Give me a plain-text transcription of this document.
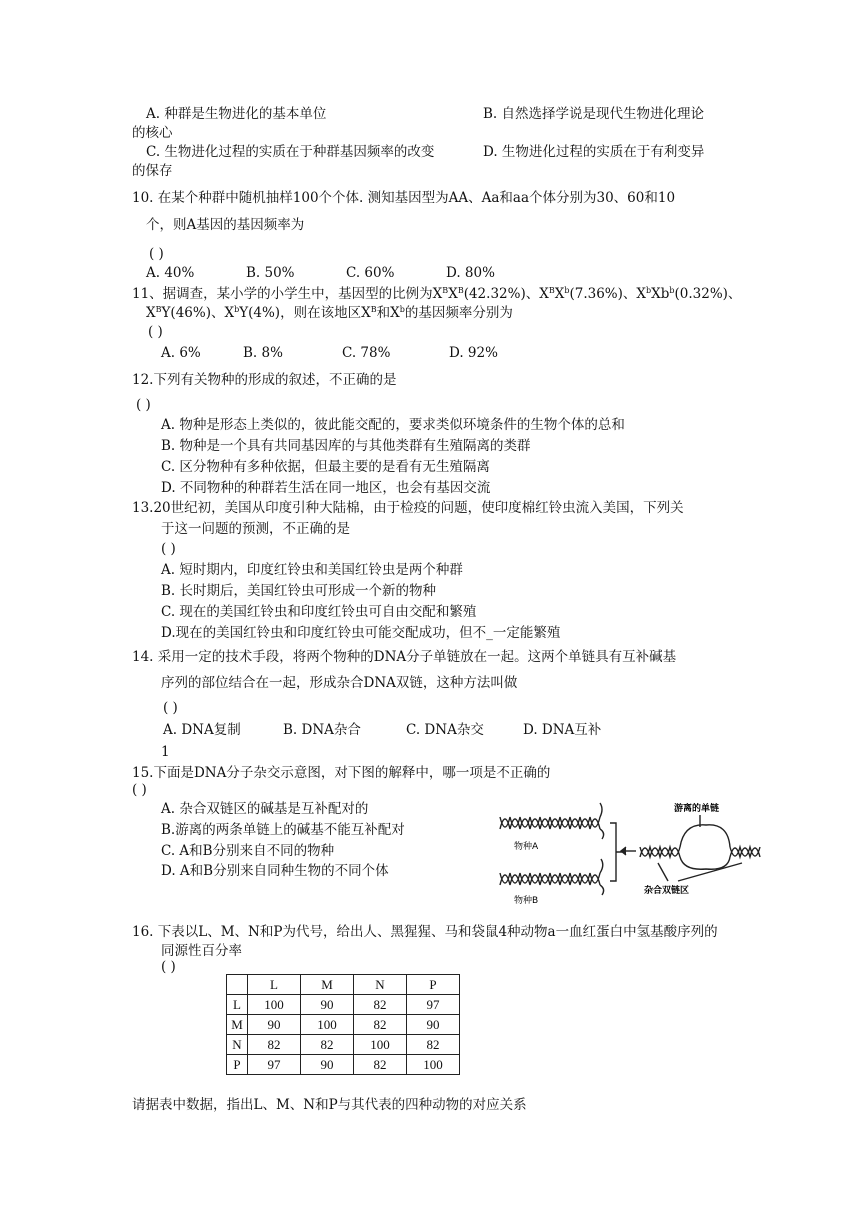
A. 种群是生物进化的基本单位	B. 自然选择学说是现代生物进化理论
的核心
C. 生物进化过程的实质在于种群基因频率的改变	D. 生物进化过程的实质在于有利变异
的保存
10. 在某个种群中随机抽样100个个体. 测知基因型为AA、Aa和aa个体分别为30、60和10
个，则A基因的基因频率为
( )
A. 40%	B. 50%	C. 60%	D. 80%
11、据调查，某小学的小学生中，基因型的比例为$X^BX^B(42.32\%)$、$X^BX^b(7.36\%)$、$X^bXb^b(0.32\%)$、
$X^BY(46\%)$、$X^bY(4\%)$，则在该地区$X^B$和$X^b$的基因频率分别为
( )
A. 6%	B. 8%	C. 78%	D. 92%
12.下列有关物种的形成的叙述，不正确的是
( )
A. 物种是形态上类似的，彼此能交配的，要求类似环境条件的生物个体的总和
B. 物种是一个具有共同基因库的与其他类群有生殖隔离的类群
C. 区分物种有多种依据，但最主要的是看有无生殖隔离
D. 不同物种的种群若生活在同一地区，也会有基因交流
13.20世纪初，美国从印度引种大陆棉，由于检疫的问题，使印度棉红铃虫流入美国，下列关
于这一问题的预测，不正确的是
( )
A. 短时期内，印度红铃虫和美国红铃虫是两个种群
B. 长时期后，美国红铃虫可形成一个新的物种
C. 现在的美国红铃虫和印度红铃虫可自由交配和繁殖
D.现在的美国红铃虫和印度红铃虫可能交配成功，但不_一定能繁殖
14. 采用一定的技术手段，将两个物种的DNA分子单链放在一起。这两个单链具有互补碱基
序列的部位结合在一起，形成杂合DNA双链，这种方法叫做
( )
A. DNA复制	B. DNA杂合	C. DNA杂交	D. DNA互补
1
15.下面是DNA分子杂交示意图，对下图的解释中，哪一项是不正确的
( )
A. 杂合双链区的碱基是互补配对的
B.游离的两条单链上的碱基不能互补配对
C. A和B分别来自不同的物种
D. A和B分别来自同种生物的不同个体
物种A
物种B
游离的单链
杂合双链区
16. 下表以L、M、N和P为代号，给出人、黑猩猩、马和袋鼠4种动物a一血红蛋白中氢基酸序列的
同源性百分率
( )
	L	M	N	P
L	100	90	82	97
M	90	100	82	90
N	82	82	100	82
P	97	90	82	100
请据表中数据，指出L、M、N和P与其代表的四种动物的对应关系
